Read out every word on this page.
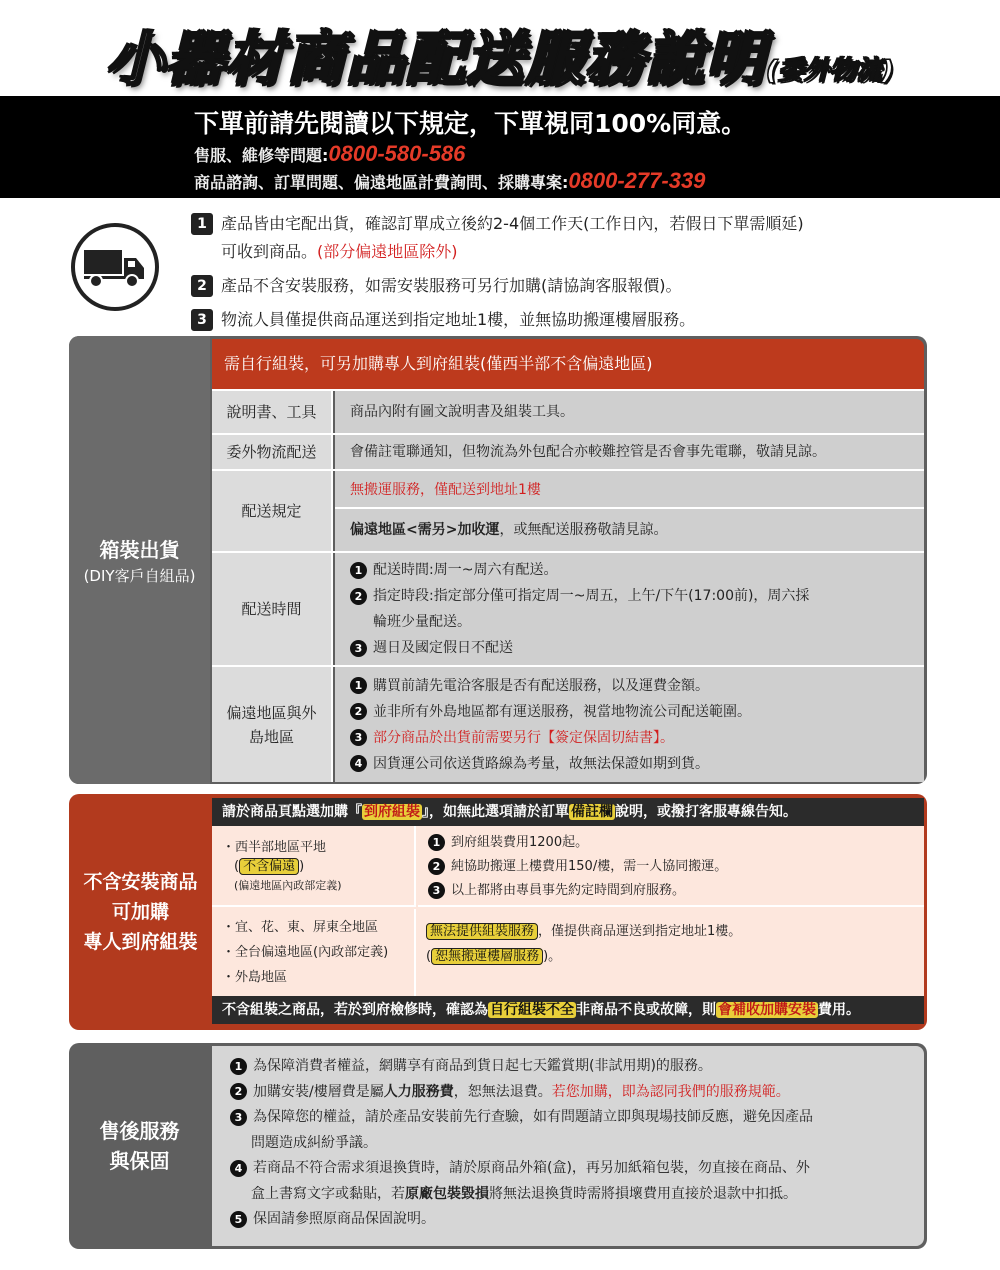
小器材商品配送服務說明(委外物流)
下單前請先閱讀以下規定，下單視同100%同意。
售服、維修等問題:0800-580-586
商品諮詢、訂單問題、偏遠地區計費詢問、採購專案:0800-277-339
1 產品皆由宅配出貨，確認訂單成立後約2-4個工作天(工作日內，若假日下單需順延)
可收到商品。(部分偏遠地區除外)
2 產品不含安裝服務，如需安裝服務可另行加購(請協詢客服報價)。
3 物流人員僅提供商品運送到指定地址1樓，並無協助搬運樓層服務。
箱裝出貨
(DIY客戶自組品)
需自行組裝，可另加購專人到府組裝(僅西半部不含偏遠地區)
說明書、工具	商品內附有圖文說明書及組裝工具。
委外物流配送	會備註電聯通知，但物流為外包配合亦較難控管是否會事先電聯，敬請見諒。
配送規定
無搬運服務，僅配送到地址1樓
偏遠地區<需另>加收運，或無配送服務敬請見諒。
配送時間
1 配送時間:周一~周六有配送。
2 指定時段:指定部分僅可指定周一~周五，上午/下午(17:00前)，周六採
輪班少量配送。
3 週日及國定假日不配送
偏遠地區與外島地區
1 購買前請先電洽客服是否有配送服務，以及運費金額。
2 並非所有外島地區都有運送服務，視當地物流公司配送範圍。
3 部分商品於出貨前需要另行【簽定保固切結書】。
4 因貨運公司依送貨路線為考量，故無法保證如期到貨。
不含安裝商品
可加購
專人到府組裝
請於商品頁點選加購『 到府組裝 』，如無此選項請於訂單 備註欄 說明，或撥打客服專線告知。
・西半部地區平地
( 不含偏遠 )
(偏遠地區內政部定義)
1 到府組裝費用1200起。
2 純協助搬運上樓費用150/樓，需一人協同搬運。
3 以上都將由專員事先約定時間到府服務。
・宜、花、東、屏東全地區
・全台偏遠地區(內政部定義)
・外島地區
無法提供組裝服務 ，僅提供商品運送到指定地址1樓。
( 恕無搬運樓層服務 )。
不含組裝之商品，若於到府檢修時，確認為 自行組裝不全 非商品不良或故障，則 會補收加購安裝 費用。
售後服務
與保固
1 為保障消費者權益，網購享有商品到貨日起七天鑑賞期(非試用期)的服務。
2 加購安裝/樓層費是屬人力服務費，恕無法退費。若您加購，即為認同我們的服務規範。
3 為保障您的權益，請於產品安裝前先行查驗，如有問題請立即與現場技師反應，避免因產品
問題造成糾紛爭議。
4 若商品不符合需求須退換貨時，請於原商品外箱(盒)，再另加紙箱包裝，勿直接在商品、外
盒上書寫文字或黏貼，若原廠包裝毀損將無法退換貨時需將損壞費用直接於退款中扣抵。
5 保固請參照原商品保固說明。
